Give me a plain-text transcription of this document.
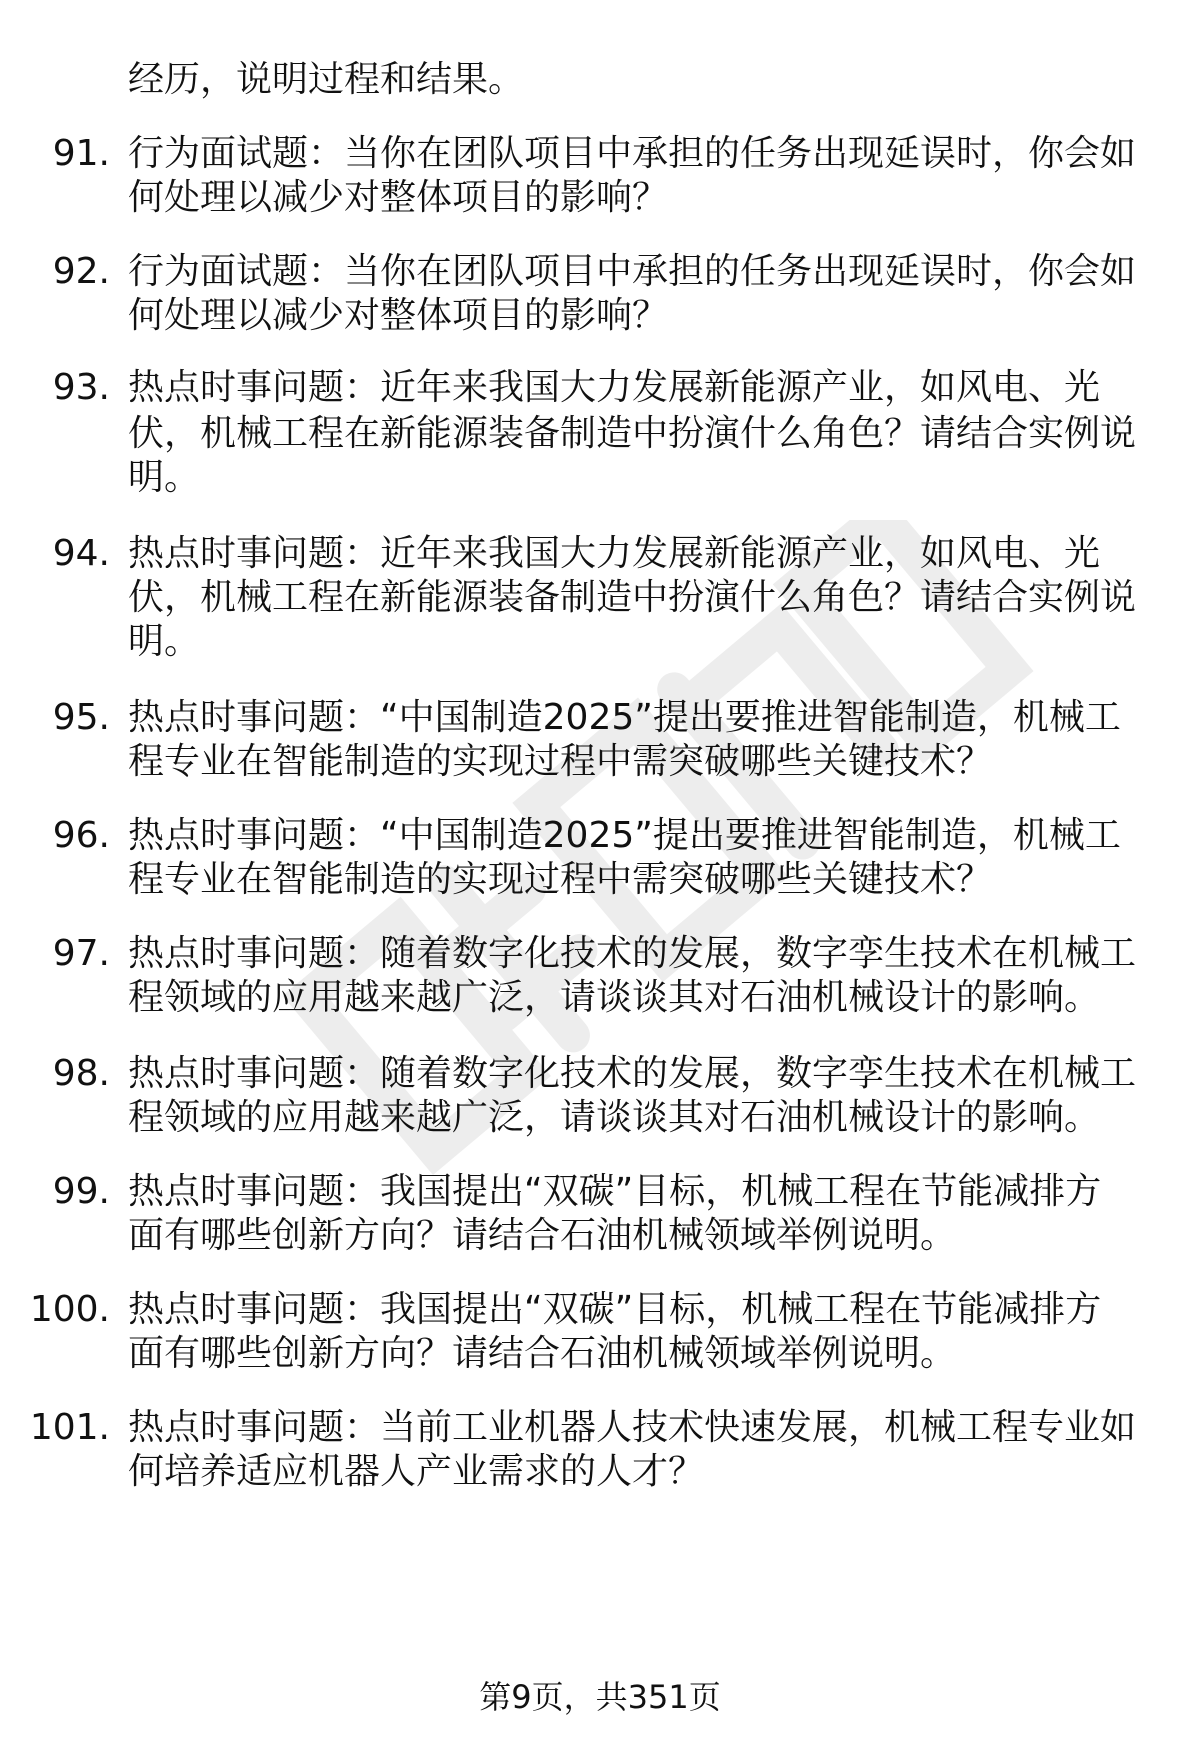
经历，说明过程和结果。
91. 行为面试题：当你在团队项目中承担的任务出现延误时，你会如
何处理以减少对整体项目的影响？
92. 行为面试题：当你在团队项目中承担的任务出现延误时，你会如
何处理以减少对整体项目的影响？
93. 热点时事问题：近年来我国大力发展新能源产业，如风电、光
伏，机械工程在新能源装备制造中扮演什么角色？请结合实例说
明。
94. 热点时事问题：近年来我国大力发展新能源产业，如风电、光
伏，机械工程在新能源装备制造中扮演什么角色？请结合实例说
明。
95. 热点时事问题：“中国制造2025”提出要推进智能制造，机械工
程专业在智能制造的实现过程中需突破哪些关键技术？
96. 热点时事问题：“中国制造2025”提出要推进智能制造，机械工
程专业在智能制造的实现过程中需突破哪些关键技术？
97. 热点时事问题：随着数字化技术的发展，数字孪生技术在机械工
程领域的应用越来越广泛，请谈谈其对石油机械设计的影响。
98. 热点时事问题：随着数字化技术的发展，数字孪生技术在机械工
程领域的应用越来越广泛，请谈谈其对石油机械设计的影响。
99. 热点时事问题：我国提出“双碳”目标，机械工程在节能减排方
面有哪些创新方向？请结合石油机械领域举例说明。
100. 热点时事问题：我国提出“双碳”目标，机械工程在节能减排方
面有哪些创新方向？请结合石油机械领域举例说明。
101. 热点时事问题：当前工业机器人技术快速发展，机械工程专业如
何培养适应机器人产业需求的人才？
第9页，共351页
